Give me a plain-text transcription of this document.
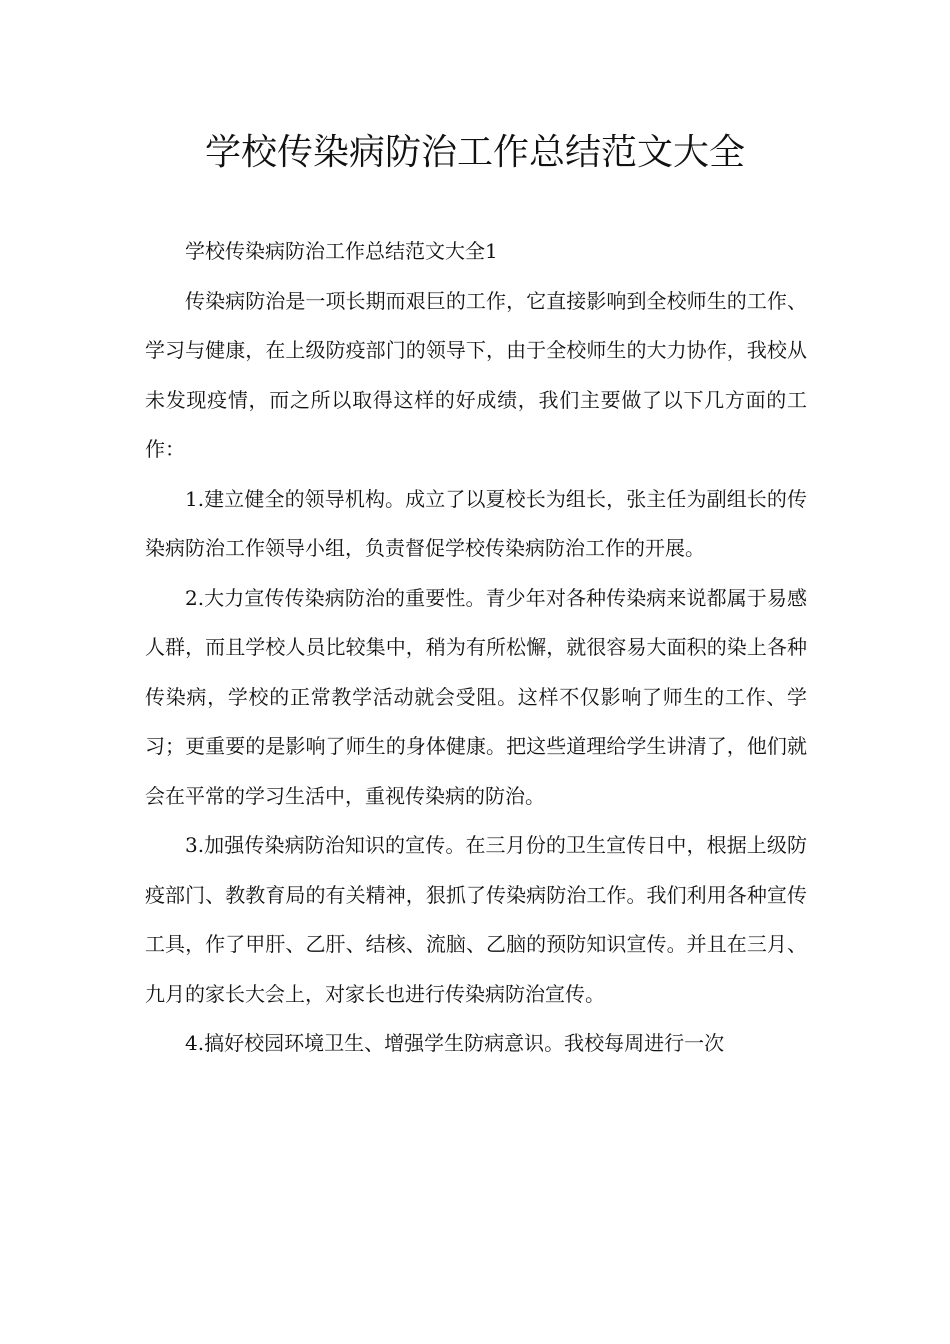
学校传染病防治工作总结范文大全

学校传染病防治工作总结范文大全1

传染病防治是一项长期而艰巨的工作，它直接影响到全校师生的工作、学习与健康，在上级防疫部门的领导下，由于全校师生的大力协作，我校从未发现疫情，而之所以取得这样的好成绩，我们主要做了以下几方面的工作：

1.建立健全的领导机构。成立了以夏校长为组长，张主任为副组长的传染病防治工作领导小组，负责督促学校传染病防治工作的开展。

2.大力宣传传染病防治的重要性。青少年对各种传染病来说都属于易感人群，而且学校人员比较集中，稍为有所松懈，就很容易大面积的染上各种传染病，学校的正常教学活动就会受阻。这样不仅影响了师生的工作、学习；更重要的是影响了师生的身体健康。把这些道理给学生讲清了，他们就会在平常的学习生活中，重视传染病的防治。

3.加强传染病防治知识的宣传。在三月份的卫生宣传日中，根据上级防疫部门、教教育局的有关精神，狠抓了传染病防治工作。我们利用各种宣传工具，作了甲肝、乙肝、结核、流脑、乙脑的预防知识宣传。并且在三月、九月的家长大会上，对家长也进行传染病防治宣传。

4.搞好校园环境卫生、增强学生防病意识。我校每周进行一次
